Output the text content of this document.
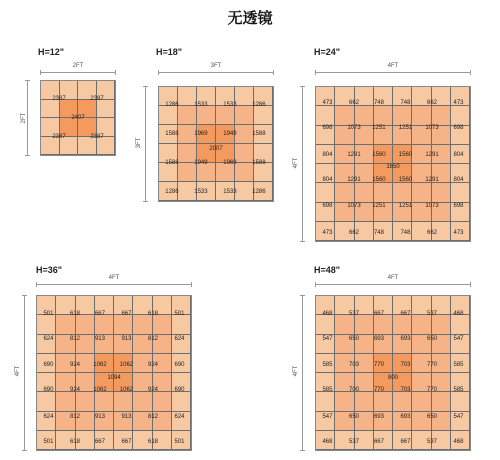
无透镜
H=12"
2FT
2FT
2387	2387
2407
2387	2387
H=18"
3FT
3FT
1286	1533	1533	1286
1588	1969	1949	1588
2007
1588	1949	1969	1588
1286	1533	1533	1286
H=24"
4FT
4FT
473	662 748	748	662	473
698 1073 1251 1251 1073 698
804 1291 1560 1560 1291 804
1650
804 1291 1560 1560 1291 804
698 1073 1251 1251 1073 698
473	662 748	748	662	473
H=36"
4FT
4FT
501	618 667	667	618	501
624	812 913	913	812	624
690	924 1062 1062 924	690
1094
690	924 1062 1062 924	690
624	812 913	913	812	624
501	618 667	667	618	501
H=48"
4FT
4FT
468	537 667	667	537	468
547	650 693	693	650	547
585	703 770	703	770	585
800
585	700 770	703	770	585
547	650 693	693	650	547
468	537 667	667	537	468
